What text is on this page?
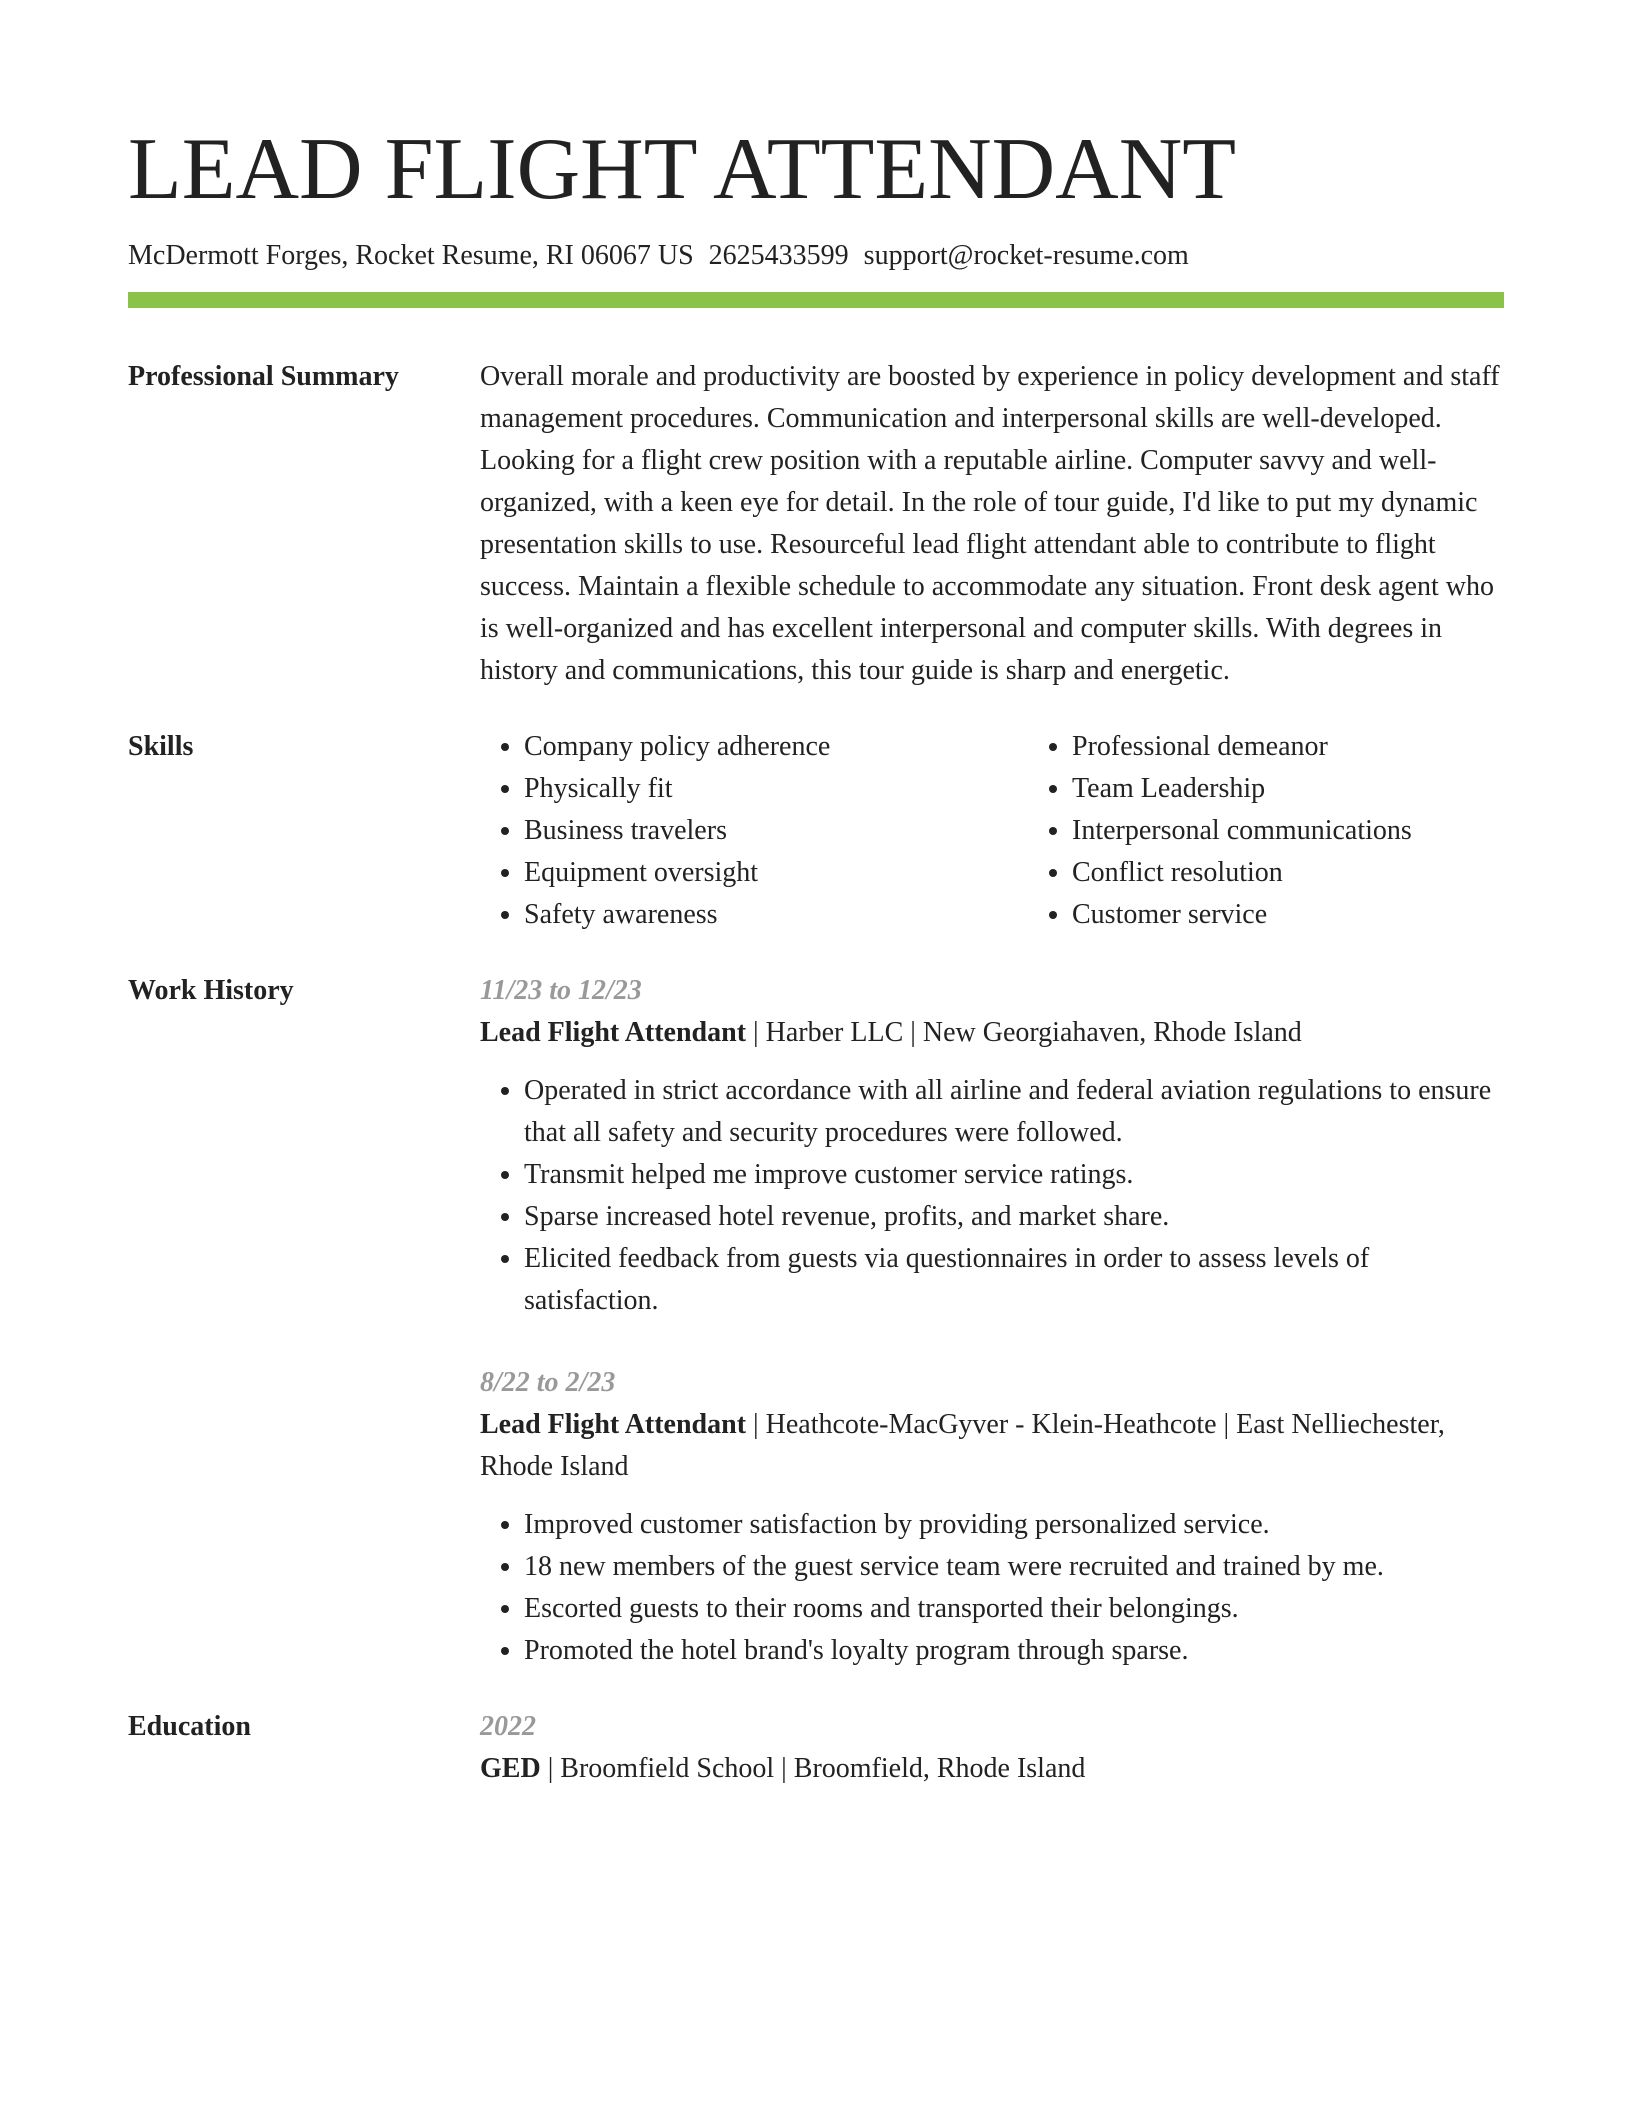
LEAD FLIGHT ATTENDANT
McDermott Forges, Rocket Resume, RI 06067 US 2625433599 support@rocket-resume.com
Professional Summary	Overall morale and productivity are boosted by experience in policy development and staff management procedures. Communication and interpersonal skills are well-developed. Looking for a flight crew position with a reputable airline. Computer savvy and well-organized, with a keen eye for detail. In the role of tour guide, I'd like to put my dynamic presentation skills to use. Resourceful lead flight attendant able to contribute to flight success. Maintain a flexible schedule to accommodate any situation. Front desk agent who is well-organized and has excellent interpersonal and computer skills. With degrees in history and communications, this tour guide is sharp and energetic.

Skills
•	Company policy adherence
• Physically fit
• Business travelers
• Equipment oversight
• Safety awareness
• Professional demeanor
• Team Leadership
• Interpersonal communications
• Conflict resolution
• Customer service
Work History	11/23 to 12/23
Lead Flight Attendant | Harber LLC | New Georgiahaven, Rhode Island
• Operated in strict accordance with all airline and federal aviation regulations to ensure that all safety and security procedures were followed.
• Transmit helped me improve customer service ratings.
• Sparse increased hotel revenue, profits, and market share.
• Elicited feedback from guests via questionnaires in order to assess levels of satisfaction.
8/22 to 2/23
Lead Flight Attendant | Heathcote-MacGyver - Klein-Heathcote | East Nelliechester, Rhode Island
• Improved customer satisfaction by providing personalized service.
• 18 new members of the guest service team were recruited and trained by me.
• Escorted guests to their rooms and transported their belongings.
• Promoted the hotel brand's loyalty program through sparse.
Education	2022
GED | Broomfield School | Broomfield, Rhode Island
